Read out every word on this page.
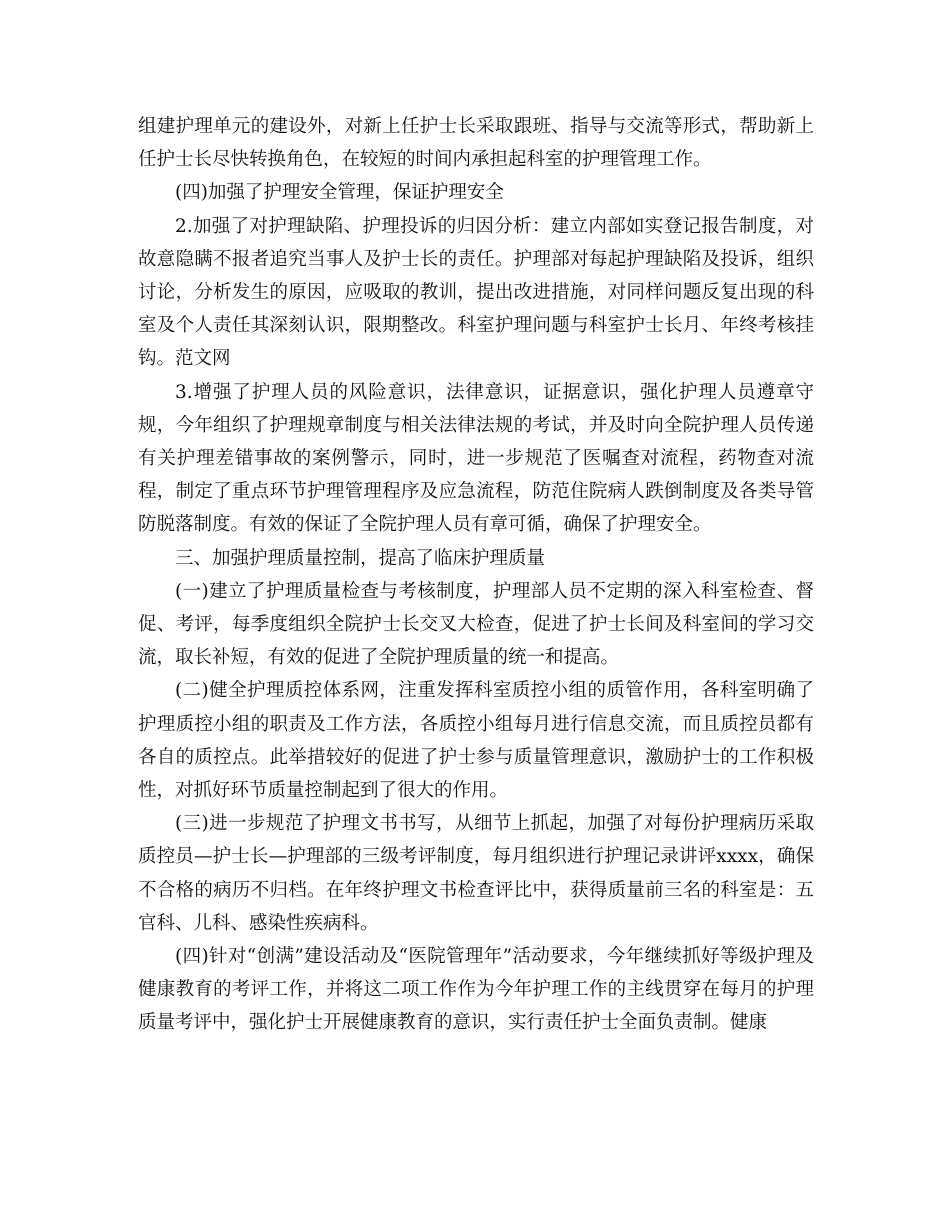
组建护理单元的建设外，对新上任护士长采取跟班、指导与交流等形式，帮助新上任护士长尽快转换角色，在较短的时间内承担起科室的护理管理工作。

(四)加强了护理安全管理，保证护理安全

2.加强了对护理缺陷、护理投诉的归因分析：建立内部如实登记报告制度，对故意隐瞒不报者追究当事人及护士长的责任。护理部对每起护理缺陷及投诉，组织讨论，分析发生的原因，应吸取的教训，提出改进措施，对同样问题反复出现的科室及个人责任其深刻认识，限期整改。科室护理问题与科室护士长月、年终考核挂钩。范文网

3.增强了护理人员的风险意识，法律意识，证据意识，强化护理人员遵章守规，今年组织了护理规章制度与相关法律法规的考试，并及时向全院护理人员传递有关护理差错事故的案例警示，同时，进一步规范了医嘱查对流程，药物查对流程，制定了重点环节护理管理程序及应急流程，防范住院病人跌倒制度及各类导管防脱落制度。有效的保证了全院护理人员有章可循，确保了护理安全。

三、加强护理质量控制，提高了临床护理质量

(一)建立了护理质量检查与考核制度，护理部人员不定期的深入科室检查、督促、考评，每季度组织全院护士长交叉大检查，促进了护士长间及科室间的学习交流，取长补短，有效的促进了全院护理质量的统一和提高。

(二)健全护理质控体系网，注重发挥科室质控小组的质管作用，各科室明确了护理质控小组的职责及工作方法，各质控小组每月进行信息交流，而且质控员都有各自的质控点。此举措较好的促进了护士参与质量管理意识，激励护士的工作积极性，对抓好环节质量控制起到了很大的作用。

(三)进一步规范了护理文书书写，从细节上抓起，加强了对每份护理病历采取质控员—护士长—护理部的三级考评制度，每月组织进行护理记录讲评xxxx，确保不合格的病历不归档。在年终护理文书检查评比中，获得质量前三名的科室是：五官科、儿科、感染性疾病科。

(四)针对“创满”建设活动及“医院管理年”活动要求，今年继续抓好等级护理及健康教育的考评工作，并将这二项工作作为今年护理工作的主线贯穿在每月的护理质量考评中，强化护士开展健康教育的意识，实行责任护士全面负责制。健康
